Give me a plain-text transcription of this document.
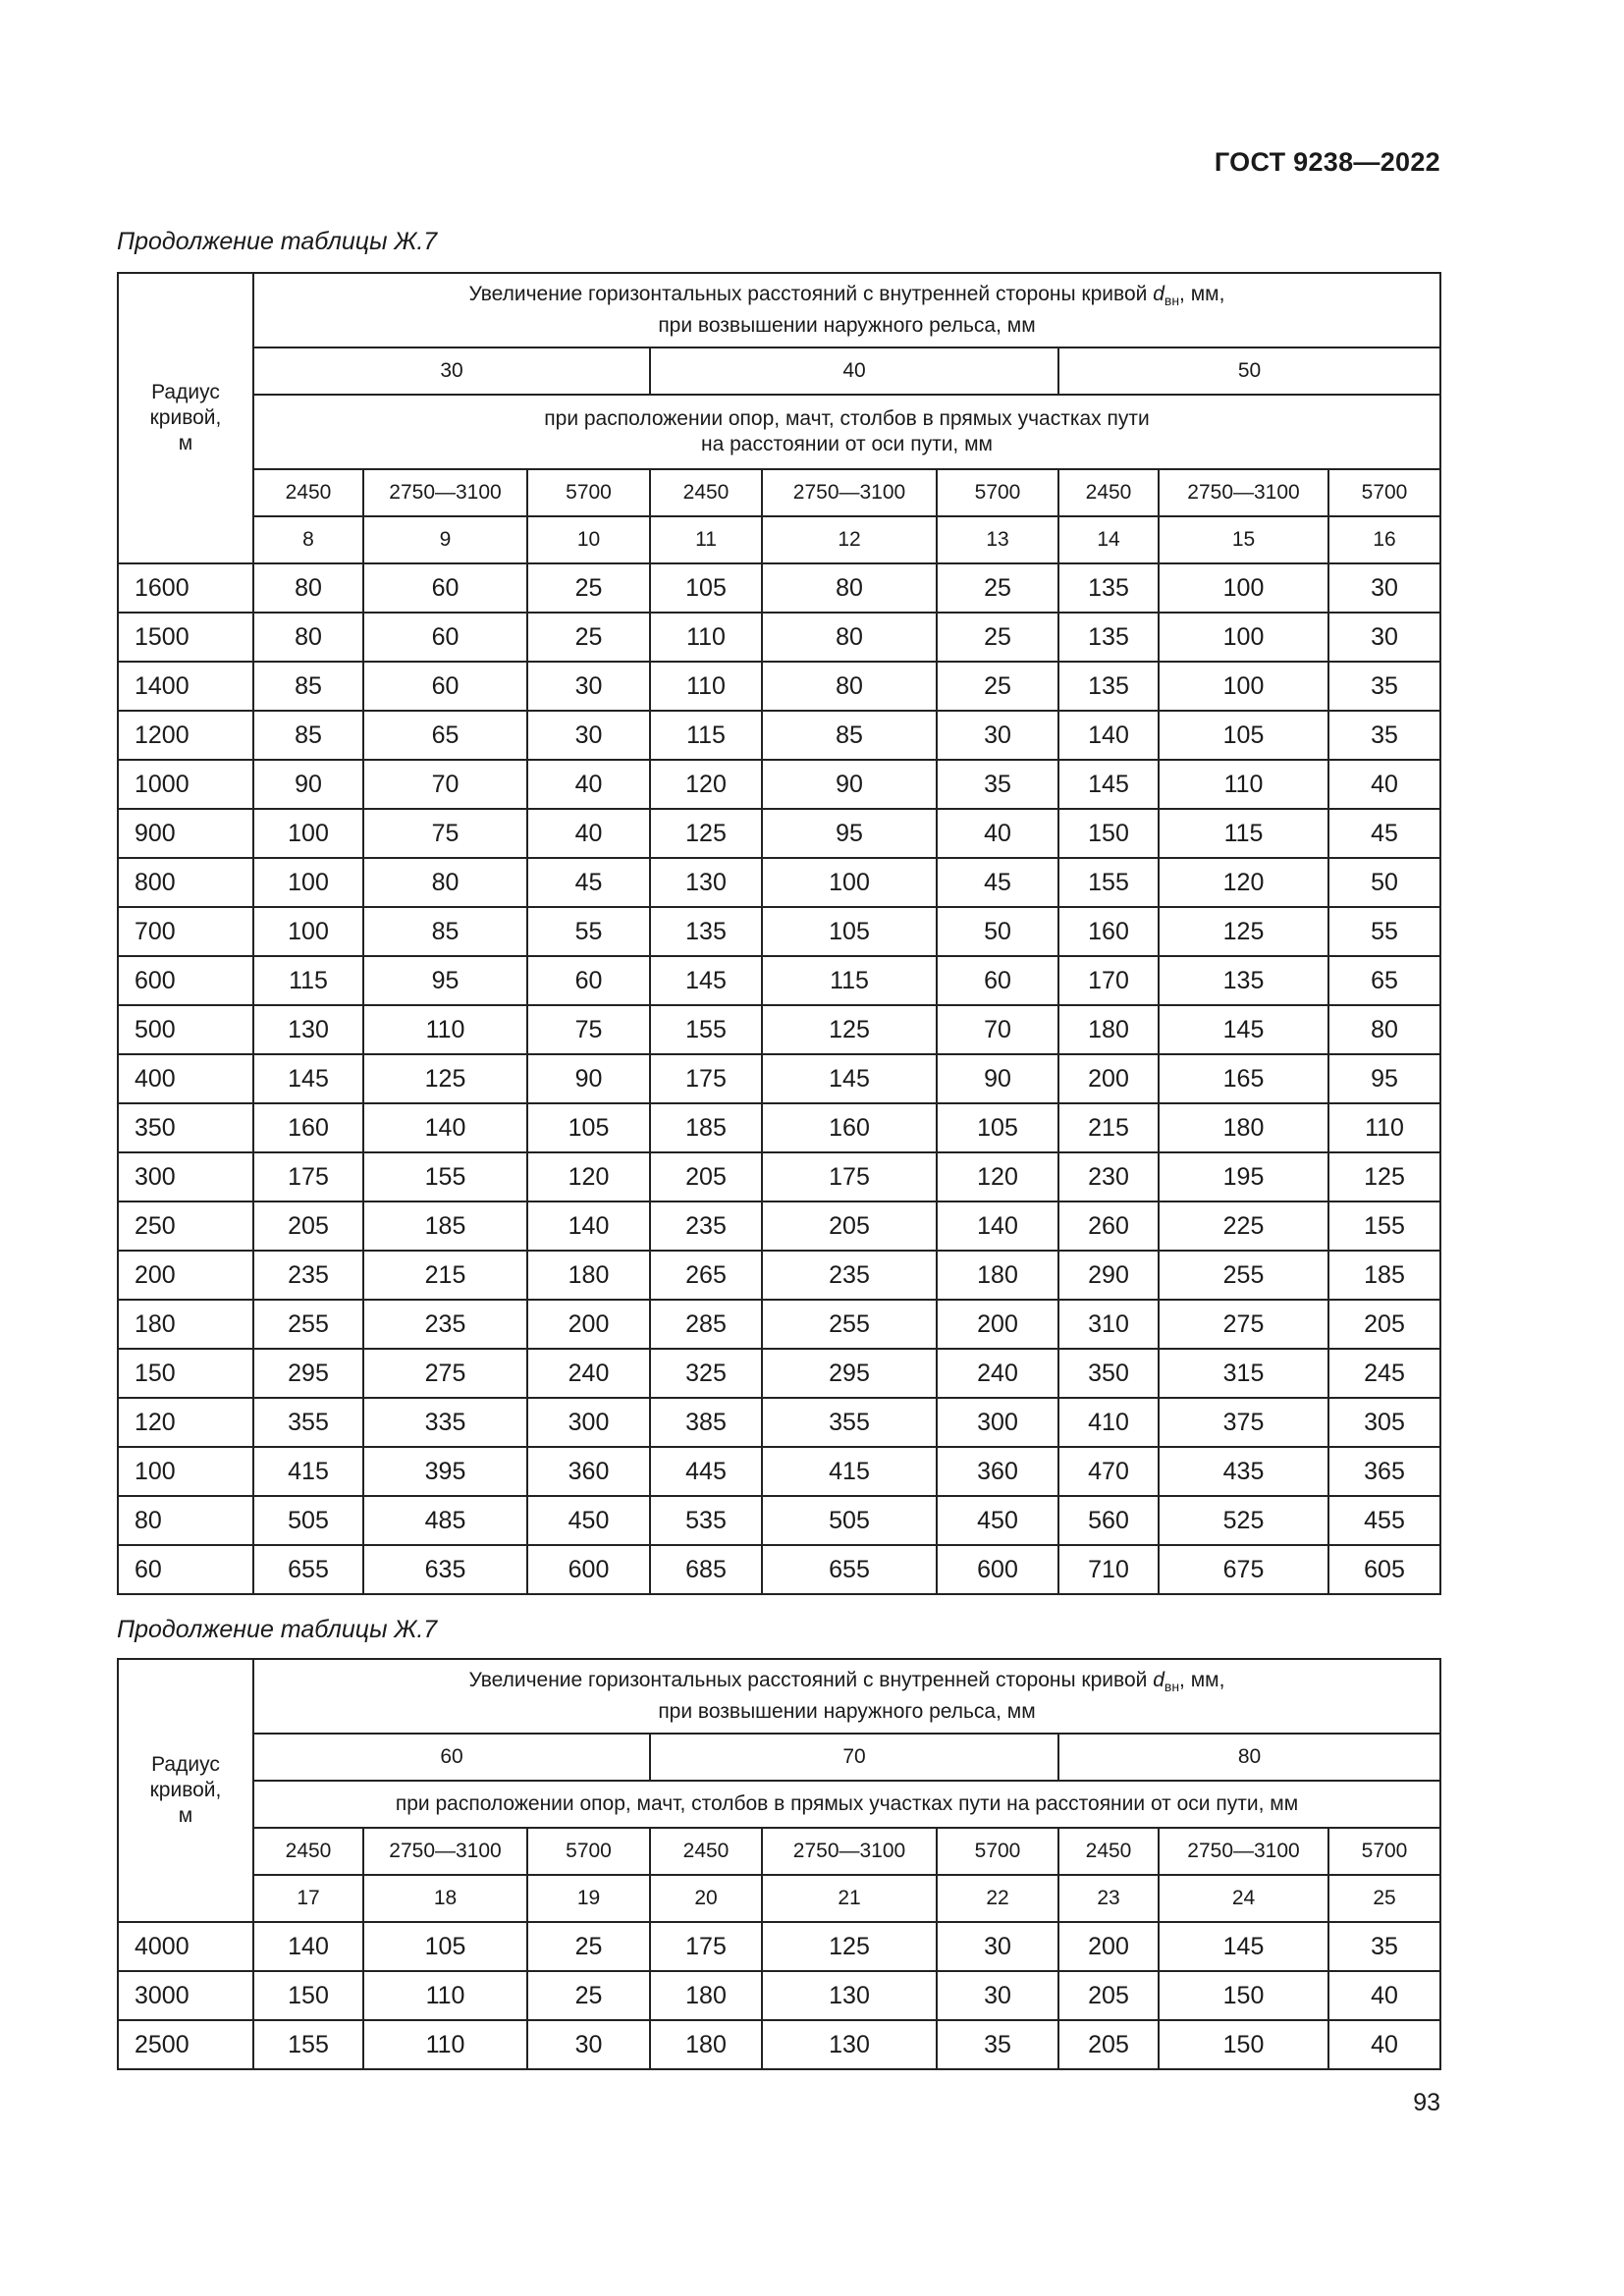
ГОСТ 9238—2022
Продолжение таблицы Ж.7
Радиус
кривой,
м	Увеличение горизонтальных расстояний с внутренней стороны кривой $d_{вн}$, мм,
при возвышении наружного рельса, мм								
	30			40			50		
	при расположении опор, мачт, столбов в прямых участках пути
на расстоянии от оси пути, мм								
	2450	2750—3100	5700	2450	2750—3100	5700	2450	2750—3100	5700
	8	9	10	11	12	13	14	15	16
1600	80	60	25	105	80	25	135	100	30
1500	80	60	25	110	80	25	135	100	30
1400	85	60	30	110	80	25	135	100	35
1200	85	65	30	115	85	30	140	105	35
1000	90	70	40	120	90	35	145	110	40
900	100	75	40	125	95	40	150	115	45
800	100	80	45	130	100	45	155	120	50
700	100	85	55	135	105	50	160	125	55
600	115	95	60	145	115	60	170	135	65
500	130	110	75	155	125	70	180	145	80
400	145	125	90	175	145	90	200	165	95
350	160	140	105	185	160	105	215	180	110
300	175	155	120	205	175	120	230	195	125
250	205	185	140	235	205	140	260	225	155
200	235	215	180	265	235	180	290	255	185
180	255	235	200	285	255	200	310	275	205
150	295	275	240	325	295	240	350	315	245
120	355	335	300	385	355	300	410	375	305
100	415	395	360	445	415	360	470	435	365
80	505	485	450	535	505	450	560	525	455
60	655	635	600	685	655	600	710	675	605
Продолжение таблицы Ж.7
Радиус
кривой,
м	Увеличение горизонтальных расстояний с внутренней стороны кривой $d_{вн}$, мм,
при возвышении наружного рельса, мм								
	60			70			80		
	при расположении опор, мачт, столбов в прямых участках пути на расстоянии от оси пути, мм								
	2450	2750—3100	5700	2450	2750—3100	5700	2450	2750—3100	5700
	17	18	19	20	21	22	23	24	25
4000	140	105	25	175	125	30	200	145	35
3000	150	110	25	180	130	30	205	150	40
2500	155	110	30	180	130	35	205	150	40
93
